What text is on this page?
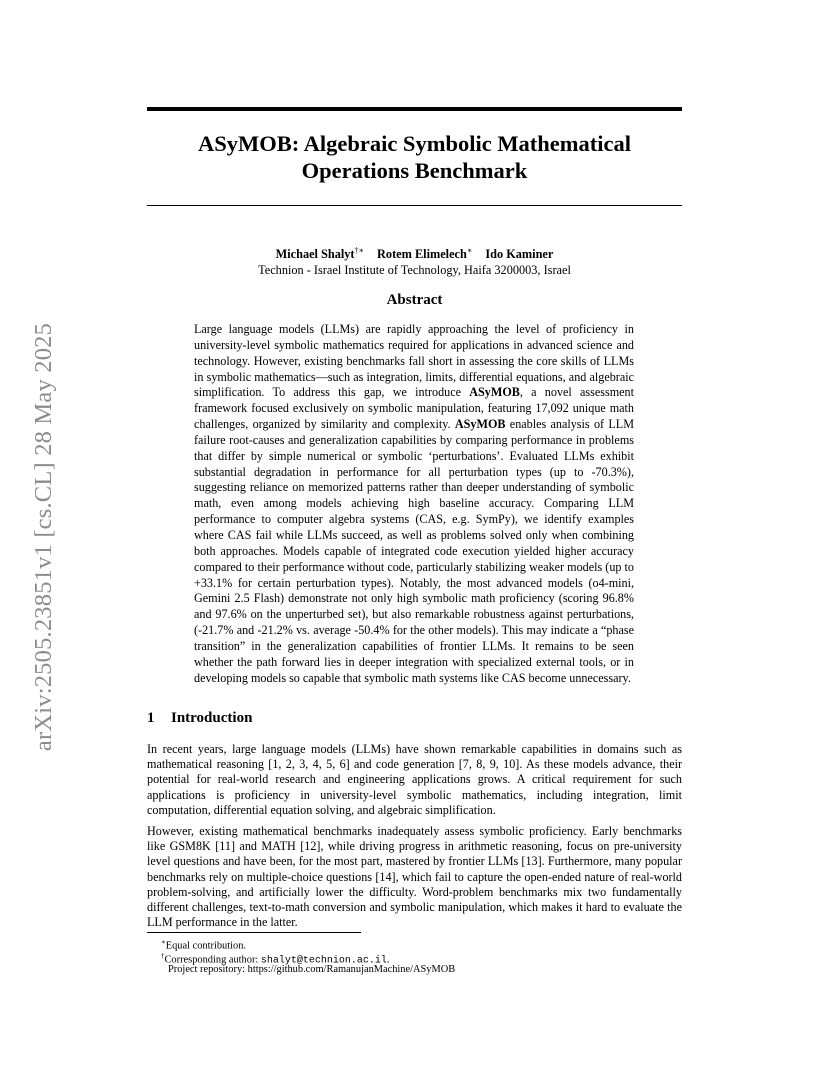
arXiv:2505.23851v1 [cs.CL] 28 May 2025
ASyMOB: Algebraic Symbolic Mathematical
Operations Benchmark
Michael Shalyt†∗ Rotem Elimelech∗ Ido Kaminer
Technion - Israel Institute of Technology, Haifa 3200003, Israel
Abstract
Large language models (LLMs) are rapidly approaching the level of proficiency in university-level symbolic mathematics required for applications in advanced science and technology. However, existing benchmarks fall short in assessing the core skills of LLMs in symbolic mathematics—such as integration, limits, differential equations, and algebraic simplification. To address this gap, we introduce ASyMOB, a novel assessment framework focused exclusively on symbolic manipulation, featuring 17,092 unique math challenges, organized by similarity and complexity. ASyMOB enables analysis of LLM failure root-causes and generalization capabilities by comparing performance in problems that differ by simple numerical or symbolic ‘perturbations’. Evaluated LLMs exhibit substantial degradation in performance for all perturbation types (up to -70.3%), suggesting reliance on memorized patterns rather than deeper understanding of symbolic math, even among models achieving high baseline accuracy. Comparing LLM performance to computer algebra systems (CAS, e.g. SymPy), we identify examples where CAS fail while LLMs succeed, as well as problems solved only when combining both approaches. Models capable of integrated code execution yielded higher accuracy compared to their performance without code, particularly stabilizing weaker models (up to +33.1% for certain perturbation types). Notably, the most advanced models (o4-mini, Gemini 2.5 Flash) demonstrate not only high symbolic math proficiency (scoring 96.8% and 97.6% on the unperturbed set), but also remarkable robustness against perturbations, (-21.7% and -21.2% vs. average -50.4% for the other models). This may indicate a “phase transition” in the generalization capabilities of frontier LLMs. It remains to be seen whether the path forward lies in deeper integration with specialized external tools, or in developing models so capable that symbolic math systems like CAS become unnecessary.
1 Introduction
In recent years, large language models (LLMs) have shown remarkable capabilities in domains such as mathematical reasoning [1, 2, 3, 4, 5, 6] and code generation [7, 8, 9, 10]. As these models advance, their potential for real-world research and engineering applications grows. A critical requirement for such applications is proficiency in university-level symbolic mathematics, including integration, limit computation, differential equation solving, and algebraic simplification.
However, existing mathematical benchmarks inadequately assess symbolic proficiency. Early benchmarks like GSM8K [11] and MATH [12], while driving progress in arithmetic reasoning, focus on pre-university level questions and have been, for the most part, mastered by frontier LLMs [13]. Furthermore, many popular benchmarks rely on multiple-choice questions [14], which fail to capture the open-ended nature of real-world problem-solving, and artificially lower the difficulty. Word-problem benchmarks mix two fundamentally different challenges, text-to-math conversion and symbolic manipulation, which makes it hard to evaluate the LLM performance in the latter.
∗Equal contribution.
†Corresponding author: shalyt@technion.ac.il.
Project repository: https://github.com/RamanujanMachine/ASyMOB
